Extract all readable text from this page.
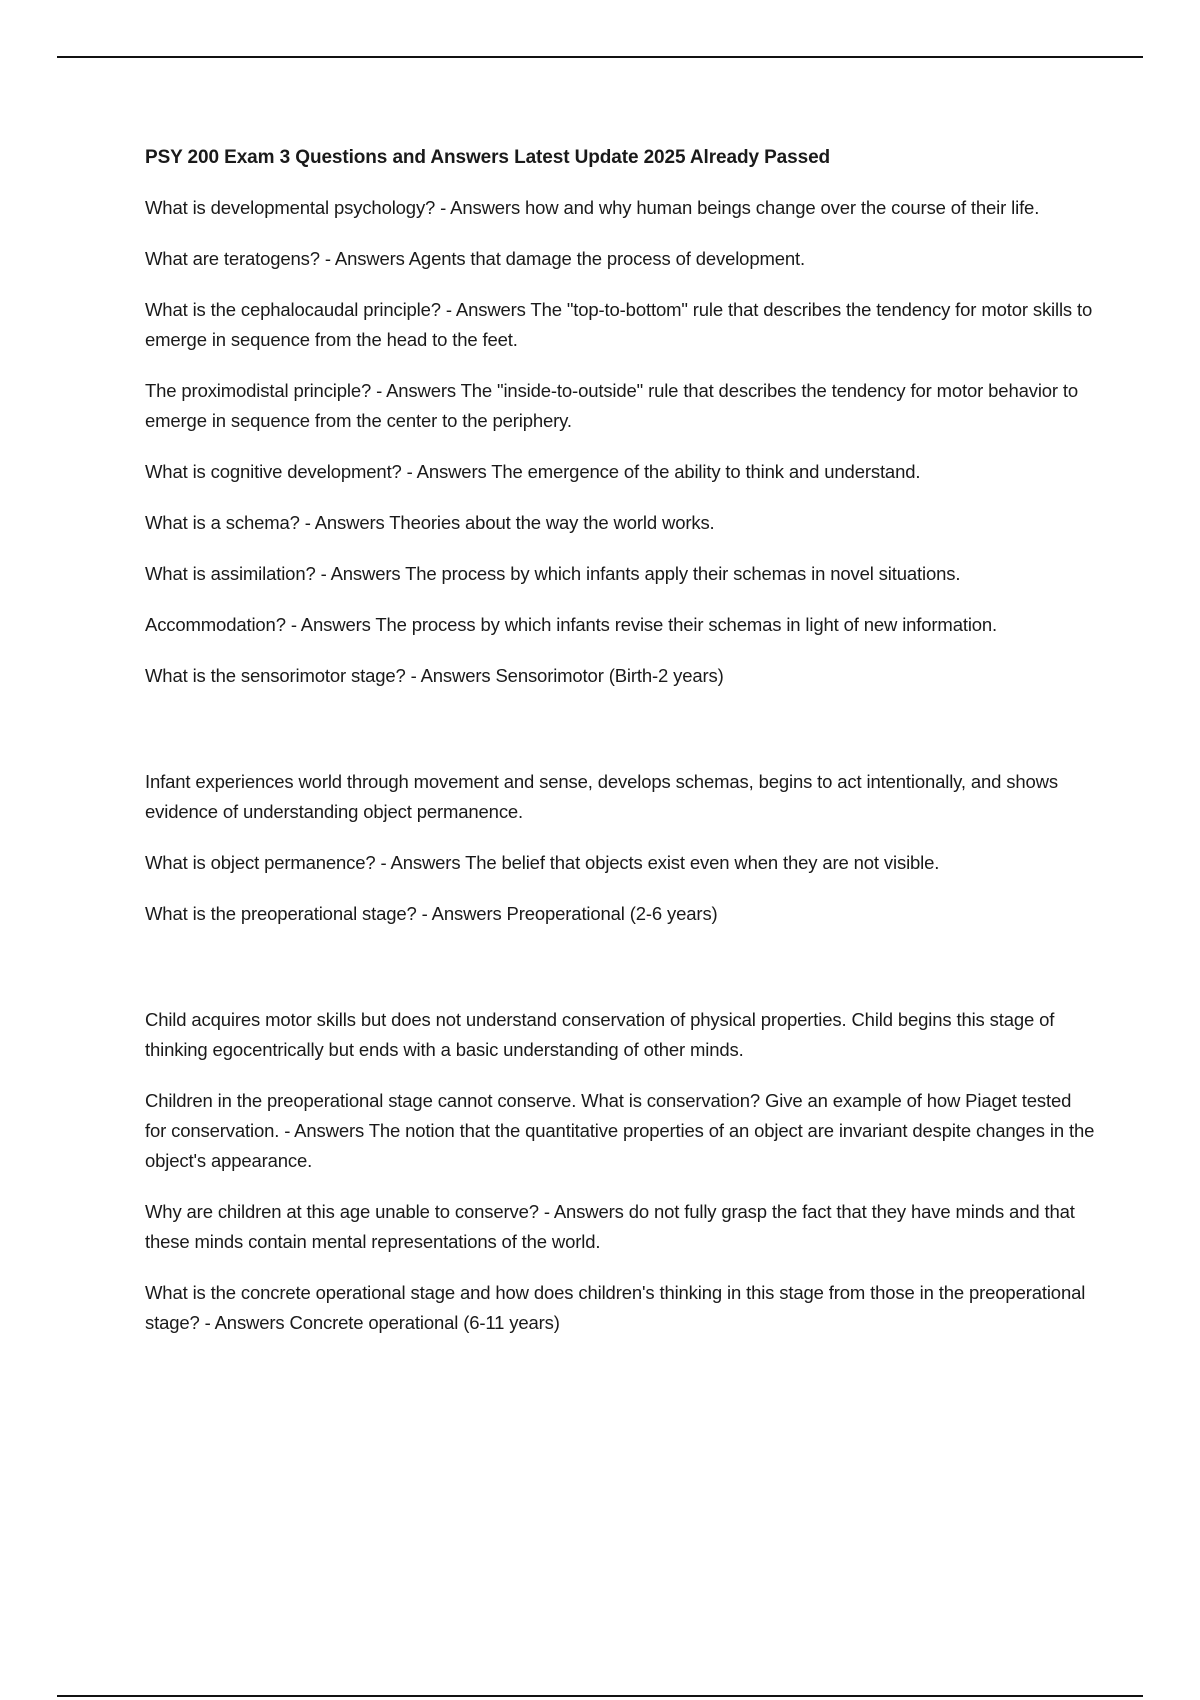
PSY 200 Exam 3 Questions and Answers Latest Update 2025 Already Passed

What is developmental psychology? - Answers how and why human beings change over the course of their life.

What are teratogens? - Answers Agents that damage the process of development.

What is the cephalocaudal principle? - Answers The "top-to-bottom" rule that describes the tendency for motor skills to emerge in sequence from the head to the feet.

The proximodistal principle? - Answers The "inside-to-outside" rule that describes the tendency for motor behavior to emerge in sequence from the center to the periphery.

What is cognitive development? - Answers The emergence of the ability to think and understand.

What is a schema? - Answers Theories about the way the world works.

What is assimilation? - Answers The process by which infants apply their schemas in novel situations.

Accommodation? - Answers The process by which infants revise their schemas in light of new information.

What is the sensorimotor stage? - Answers Sensorimotor (Birth-2 years)

Infant experiences world through movement and sense, develops schemas, begins to act intentionally, and shows evidence of understanding object permanence.

What is object permanence? - Answers The belief that objects exist even when they are not visible.

What is the preoperational stage? - Answers Preoperational (2-6 years)

Child acquires motor skills but does not understand conservation of physical properties. Child begins this stage of thinking egocentrically but ends with a basic understanding of other minds.

Children in the preoperational stage cannot conserve. What is conservation? Give an example of how Piaget tested for conservation. - Answers The notion that the quantitative properties of an object are invariant despite changes in the object's appearance.

Why are children at this age unable to conserve? - Answers do not fully grasp the fact that they have minds and that these minds contain mental representations of the world.

What is the concrete operational stage and how does children's thinking in this stage from those in the preoperational stage? - Answers Concrete operational (6-11 years)
